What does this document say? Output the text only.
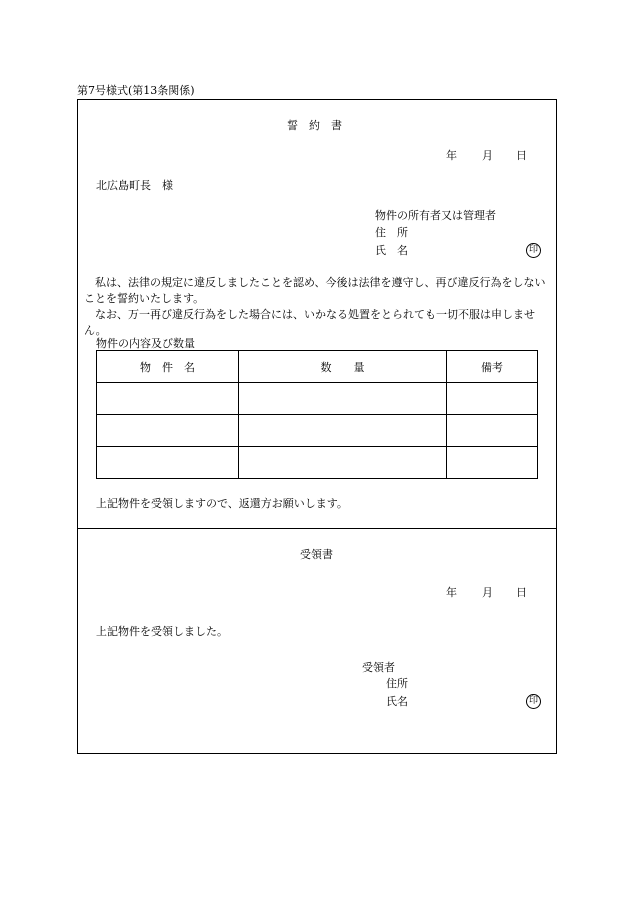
第7号様式(第13条関係)
誓　約　書
年 月 日
北広島町長　様
物件の所有者又は管理者
住　所
氏　名	印
　私は、法律の規定に違反しましたことを認め、今後は法律を遵守し、再び違反行為をしないことを誓約いたします。
　なお、万一再び違反行為をした場合には、いかなる処置をとられても一切不服は申しません。
物件の内容及び数量
物　件　名	数　　量	備考

上記物件を受領しますので、返還方お願いします。
受領書
年 月 日
上記物件を受領しました。
受領者
住所
氏名	印
